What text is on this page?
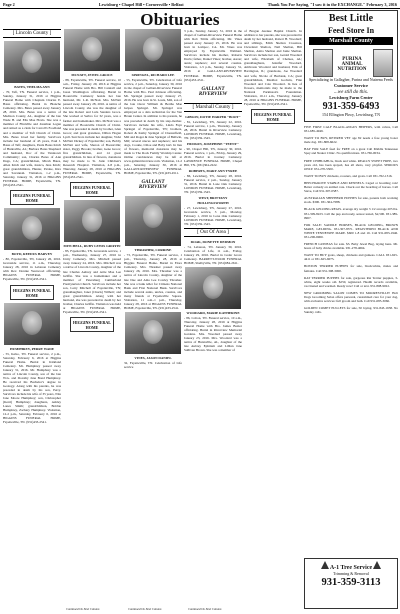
Page 2	Lewisburg • Chapel Hill • Cornersville • Belfast	Thank You For Saying, "I saw it in the EXCHANGE." February 3, 2016
Obituaries
[ Lincoln County ]
BATES, THELMA ANN
- 70, Taft, TN. Funeral service, 1 p.m., Sunday, January 31, 2016 at Higgins Funeral Home with Chaplain Charles E. Bates officiating. Burial in Blanche Cemetery. Mrs. Bates passed away January 28, 2016. Mrs. Bates was a native of Madison County, AL, daughter of the late Wade H. and Ella Mae Hovis. She was a member of Flintville and Jonathan Logan and retired as a clerk for Carroll's Foodland and a member of Taft Church of Christ. Mrs. Bates loved her family. Survivors include her husband of 43 years, Paul J. Bates of Taft; daughters, Paula Bates Kirch of Huntsville, AL; Barbara Bates Shepherd and husband, Doc of the Vanntown Community; son, Charles Bates of Ann Dago, CA; grandchildren, Micah Bates, Allen Kirch and wife, Jessica, Jana Kirch; great grandchildren, Hunter, Paxlee, Kira and Savannah. Visitation, 1-2 p.m., Saturday, January 31, 2016 at HIGGINS FUNERAL HOME, Fayetteville, TN. (931)433-2541.
HIGGINS FUNERAL HOME
BOYD, REEDUS HARVEY
- 80, Fayetteville, TN, January 26, 2016. Graveside service, 11 a.m., Thursday, January 28, 2016 in Lebanon Cemetery with Rev. Donnie Yearwood officiating. HIGGINS FUNERAL HOME, Fayetteville, TN. (931)433-2541.
HIGGINS FUNERAL HOME
HUMPHREY, PERRY WADE
- 55, Kelso, TN. Funeral service, 2 p.m., Saturday, February 6, 2016 at Higgins Funeral Home. Burial in Kirkland Cemetery. Mr. Humphrey passed away January 31, 2016. Mr. Humphrey was a native of Lincoln County, son of the late W.G. and Dorothy Jane Bond Humphrey. He received his Bachelor's degree in Geology. Along with his parents, he was preceded in death by his son, Perry. Survivors include his wife of 35 years, Nita Jane Moore Humphrey; son, Christopher (Kerri) Humphrey; daughters, Ashley Lanes Smith; grandchildren, Bobbie Humphrey, Zachary Humphrey. Visitation, 12-2 p.m., Saturday, February 6, 2016 at HIGGINS FUNERAL HOME, Fayetteville, TN. (931)433-2541.
MCNATT, JEWEL GROCE
- 88, Fayetteville, TN. Funeral service, 10 a.m., Friday, January 29, 2016 at Higgins Funeral Home with Bro. Bill Cantrell and Jason Waddington officiating. Burial in Boonsville Cemetery beside her late husband, Mr. L.R. McNatt. Mrs. McNatt passed away January 28, 2016. A native of Lincoln County, she was the daughter of the late Robert and Lula Sanders Groce. She worked at Serbro for 32 years, was a farmer and homemaker. Mrs. McNatt was a member of Boonsville Church of Christ. She was preceded in death by brother, Glen Groce; and great grandson, Dillon Hogan Lyell. Survivors include her daughter, Vicki McNatt Dickey of Fayetteville; son, Bobby McNatt and wife, Sharon of Boonsville; sister, Peggy Brooks; brother, Gene Groce; five grandchildren, and 14 great grandchildren. In lieu of flowers, donations may be made to St. Jude Children's Research Hospital. Visitation, 4-8 p.m., Thursday, January 28, 2016 at HIGGINS FUNERAL HOME, Fayetteville, TN. (931)433-2541.
HIGGINS FUNERAL HOME
MITCHELL, RUBY LEWIS GRIFFIN
- 83, Fayetteville, TN. Graveside service, 1 p.m., Wednesday, January 27, 2016 in Unity Cemetery. Mrs. Mitchell passed away January 24, 2016. Mrs. Mitchell was a native of Lincoln County, daughter of the late Charles Aubrey and Artie Mae Lee Griffin. She was a homemaker and a member of Petersburg Cumberland Presbyterian Church. Survivors include her son, Larry Mitchell of Fayetteville, TN; granddaughter, Janet (Chuck) Wilhoit; and great grandchildren. Along with her husband, she was preceded in death by her brother, Charles Griffin. Visitation was held at HIGGINS FUNERAL HOME, Fayetteville, TN. (931)433-2541.
HIGGINS FUNERAL HOME
SPRINGEL, RICHARD LEE
- 55, Fayetteville, TN. Celebration of Life service, 2 p.m., Saturday, January 30, 2016 in the chapel of Gallant-Riverview Funeral Home with Bro. Paul Johnson officiating. Mr. Springel passed away January 27, 2016. He was born in St. Louis, MO, son of the late Oscar William & Bertha Mae Gripes Springel. Mr. Springel was employed as a data technician for the Van Braun Center. In addition to his parents, he was preceded in death by his step-mother. Survivors include his wife, Linda Faye Springel of Fayetteville, TN; brothers, Robert & Kathy Springel of Chesterfield, MO and Roger & Jane Springel of Ballwin, MO; several nieces and nephews; and his dogs, Cookie, Chloe and Baby Girl. In lieu of flowers, memorial donations may be made to The Rock Family Worship Center. Online condolences may be left at www.gallantriverview.com. Visitation, 12-2 p.m., Saturday, January 30, 2016 at GALLANT-RIVERVIEW FUNERAL HOME, Fayetteville, TN. (931)433-4511.
GALLANT RIVERVIEW
THRASHER, CORRINE
- 73, Fayetteville, TN. Funeral service, 1 p.m., Thursday, January 28, 2016 at Higgins Funeral Home. Burial in Elora Cemetery. Mrs. Thrasher passed away January 26, 2016. Mrs. Thrasher was a native of Lincoln County, daughter of the late Dee and Ama Lee Cowley Thrasher. She was a bank teller for Citizens National Bank and First National Bank. Survivors include several aunts, uncles, cousins, and many friends at Fayetteville Square. Visitation, 11 a.m.-1 p.m., Thursday, January 28, 2016 at HIGGINS FUNERAL HOME, Fayetteville, TN. (931)433-2541.
VINES, JASON DANIEL
32, Fayetteville, TN. Celebration of Life service
3 p.m., Sunday, January 31, 2016 in the chapel of Gallant-Riverview Funeral Home with Rob Trittle officiating. Mr. Vines passed away January 25, 2016. He was born in Lompoc, CA. Mr. Vines was employed by Fayetteville Walmart. Survivors include his mother, Roberta Davis; father, Daniel Vines; brother, Aaron; aunts; nephews; and several cousins. Visitation, 1-3 p.m., Sunday, January 31, 2016 at GALLANT-RIVERVIEW FUNERAL HOME, Fayetteville, TN. (931)433-4511.
GALLANT RIVERVIEW
[ Marshall County ]
GIBSON, DOTIE HARPER "BOOT"
- 81, Lewisburg, TN, January 22, 2016. Funeral service, 1 p.m., Thursday, January 28, 2016. Burial in Riverview Cemetery. LONDON FUNERAL HOME, Lewisburg, TN. (931)359-1543.
HUDSON, JOSEPHINE "TEENY"
- 90, Chapel Hill, TN, January 30, 2016. Funeral service, 1 p.m., Friday, January 29, 2016. Burial in Journey Cemetery. LAWRENCE FUNERAL HOME, Chapel Hill, TN. (931)364-2222.
ROBERTS, MARY ANN TYREE
- 86, Lewisburg, TN, January 28, 2016. Funeral service, 2 p.m., Sunday, January 31, 2016. Burial in Lone Oak Cemetery. LONDON FUNERAL HOME, Lewisburg, TN. (931)359-1543.
WEST, BRITTANY HOLLINGSWORTH
- 27, Lewisburg, TN, January 27, 2016. Graveside service, 3 p.m., Monday, February 1, 2016 in Lone Oak Cemetery. LONDON FUNERAL HOME, Lewisburg, TN. (931)359-1543.
[ Out Of Area ]
DOAK, DONETTE DEDMON
- 74, Lebanon, TN. January 30, 2016. Celebration of Life, 11 a.m., Friday, January 29, 2016. Burial in Cedar Grove Cemetery. BARRETT-WOOD FUNERAL HOME, Shelbyville, TN. (931)684-2611.
WOODARD, MARIE KATHERINE
- 86, Colton, TN. Funeral service, 10 a.m., Thursday, January 28, 2016 at Higgins Funeral Home with Bro. James Baxter officiating. Burial in Riverview Memorial Gardens. Mrs. Woodard passed away January 23, 2016. Mrs. Woodard was a native of Huntsville, AL, daughter of the late Aubrey Ephriam and Lillian Jane Sullivan Brown. She was a member of
of Brogan Avenue Baptist Church. In addition to her parents, she was preceded in death by her husband, Robert H. Woodard; and siblings, Edith Shelton Crosstree, Cleveland Shelton, Neil Shelton, Bill Shelton, Anita Shelton and Janie Shelton. Survivors include her son, Gerald Woodard and wife, Elizabeth of Chelsea, AL; granddaughters, Jennifer Woodard, Ambrosia Woodard and husband, Erik of Barrington, IL; grandsons, Joe Woodard and wife, Nicole of Burbank, CA; great grandchildren, Maddox Godwin, Finn Woodard and Cole Woodard. In lieu of flowers, memorials may be made to the National Parkinson's Foundation. Visitation, 10-11 a.m., Thursday, January 28, 2016 at HIGGINS FUNERAL HOME, Fayetteville, TN. (931)433-2541.
HIGGINS FUNERAL HOME
Continued On Next Column	Continued On Next Column	Continued On Next Column
Best Little
Feed Store In
Marshall County
PURINA ANIMAL NUTRITION
Specializing in Gallagher, Purina and Nutrena Feeds
Customer Service
...we still do this.
Lewisburg Farm Center
931-359-6493
154 Ellington Pkwy, Lewisburg, TN

FIVE FIRST CALF BLACK-ANGUS HEIFERS, with calves, Call 931-685-4949.

WANT TO BUY, RETIRED VET age 82 needs a free young boxer male dog. 931-808-6622.

HAY FOR SALE feed for FREE on a great Call Middle Tennessee Spay and Neuter Clinic. No qualifications. 931-766-0034.

FREE CHIHUAHUA, black and white. REALLY SWEET FREE, two years old, has been spayed, has all shots, very playful. SERIOUS ONLY. 931-270-5300.

WANT TO BUY chickens, roosters, and goats. Call 931-762-1316.

BEECHGROVE STABLE AND KENNELS. Caged or boarding cats! Better comedy on animal care. Check out the boarding of horses. Call Steve, Call 931-307-0587.

AUSTRALIAN SHEPHERD PUPPIES for sale, parents both working stock. $300. 931-364-7088.

BLACK GELDING REGIS. average dry weight 3 1/2 average 205 lbs. 931-309-8223. Call the pup and ready, sensor tested, $2,500. 931-389-0967.

FOR SALE: SADDLE HORSES, BLACK GELDING, BROWN MARE, GELDING. 931-307-8371. REGISTERED BLACK AND WHITE TENNESSEE MARE. $600 1-8 and 16. Call 931-683-1946. 931-206-6960.

FRENCH GUINEAS for sale. $3. Baby Jewel Bug, laying hens. Mt. hours of baby chicks available. 931-278-4664.

WANT TO BUY goats, sheep, chickens and guineas. CALL 931-625-4411 or 931-625-6075.

BOSTON TERRIER PUPPIES for sale, black/white, males and females. Call 931-308-3000.

RAT TERRIER PUPPIES for sale, gorgeous Rat Terrier puppies, 3-white, eight weeks old. $250, registered. Health records available, vaccinated and wormed. Ready now! Call or text. 931-808-9022.

NEW GROOMING SALON COMES TO MOORESVILLE! Holt Dogs Grooming Salon offers personal, customized care for your dog, with exclusive services: full groom and bath. Call 931-685-3066.

GOLDEN COMET PULLETS for sale, 50 laying. 931-843-1938. No Sunday calls.

A-1 Tree Service
Trimming & Removal
931-359-3113
